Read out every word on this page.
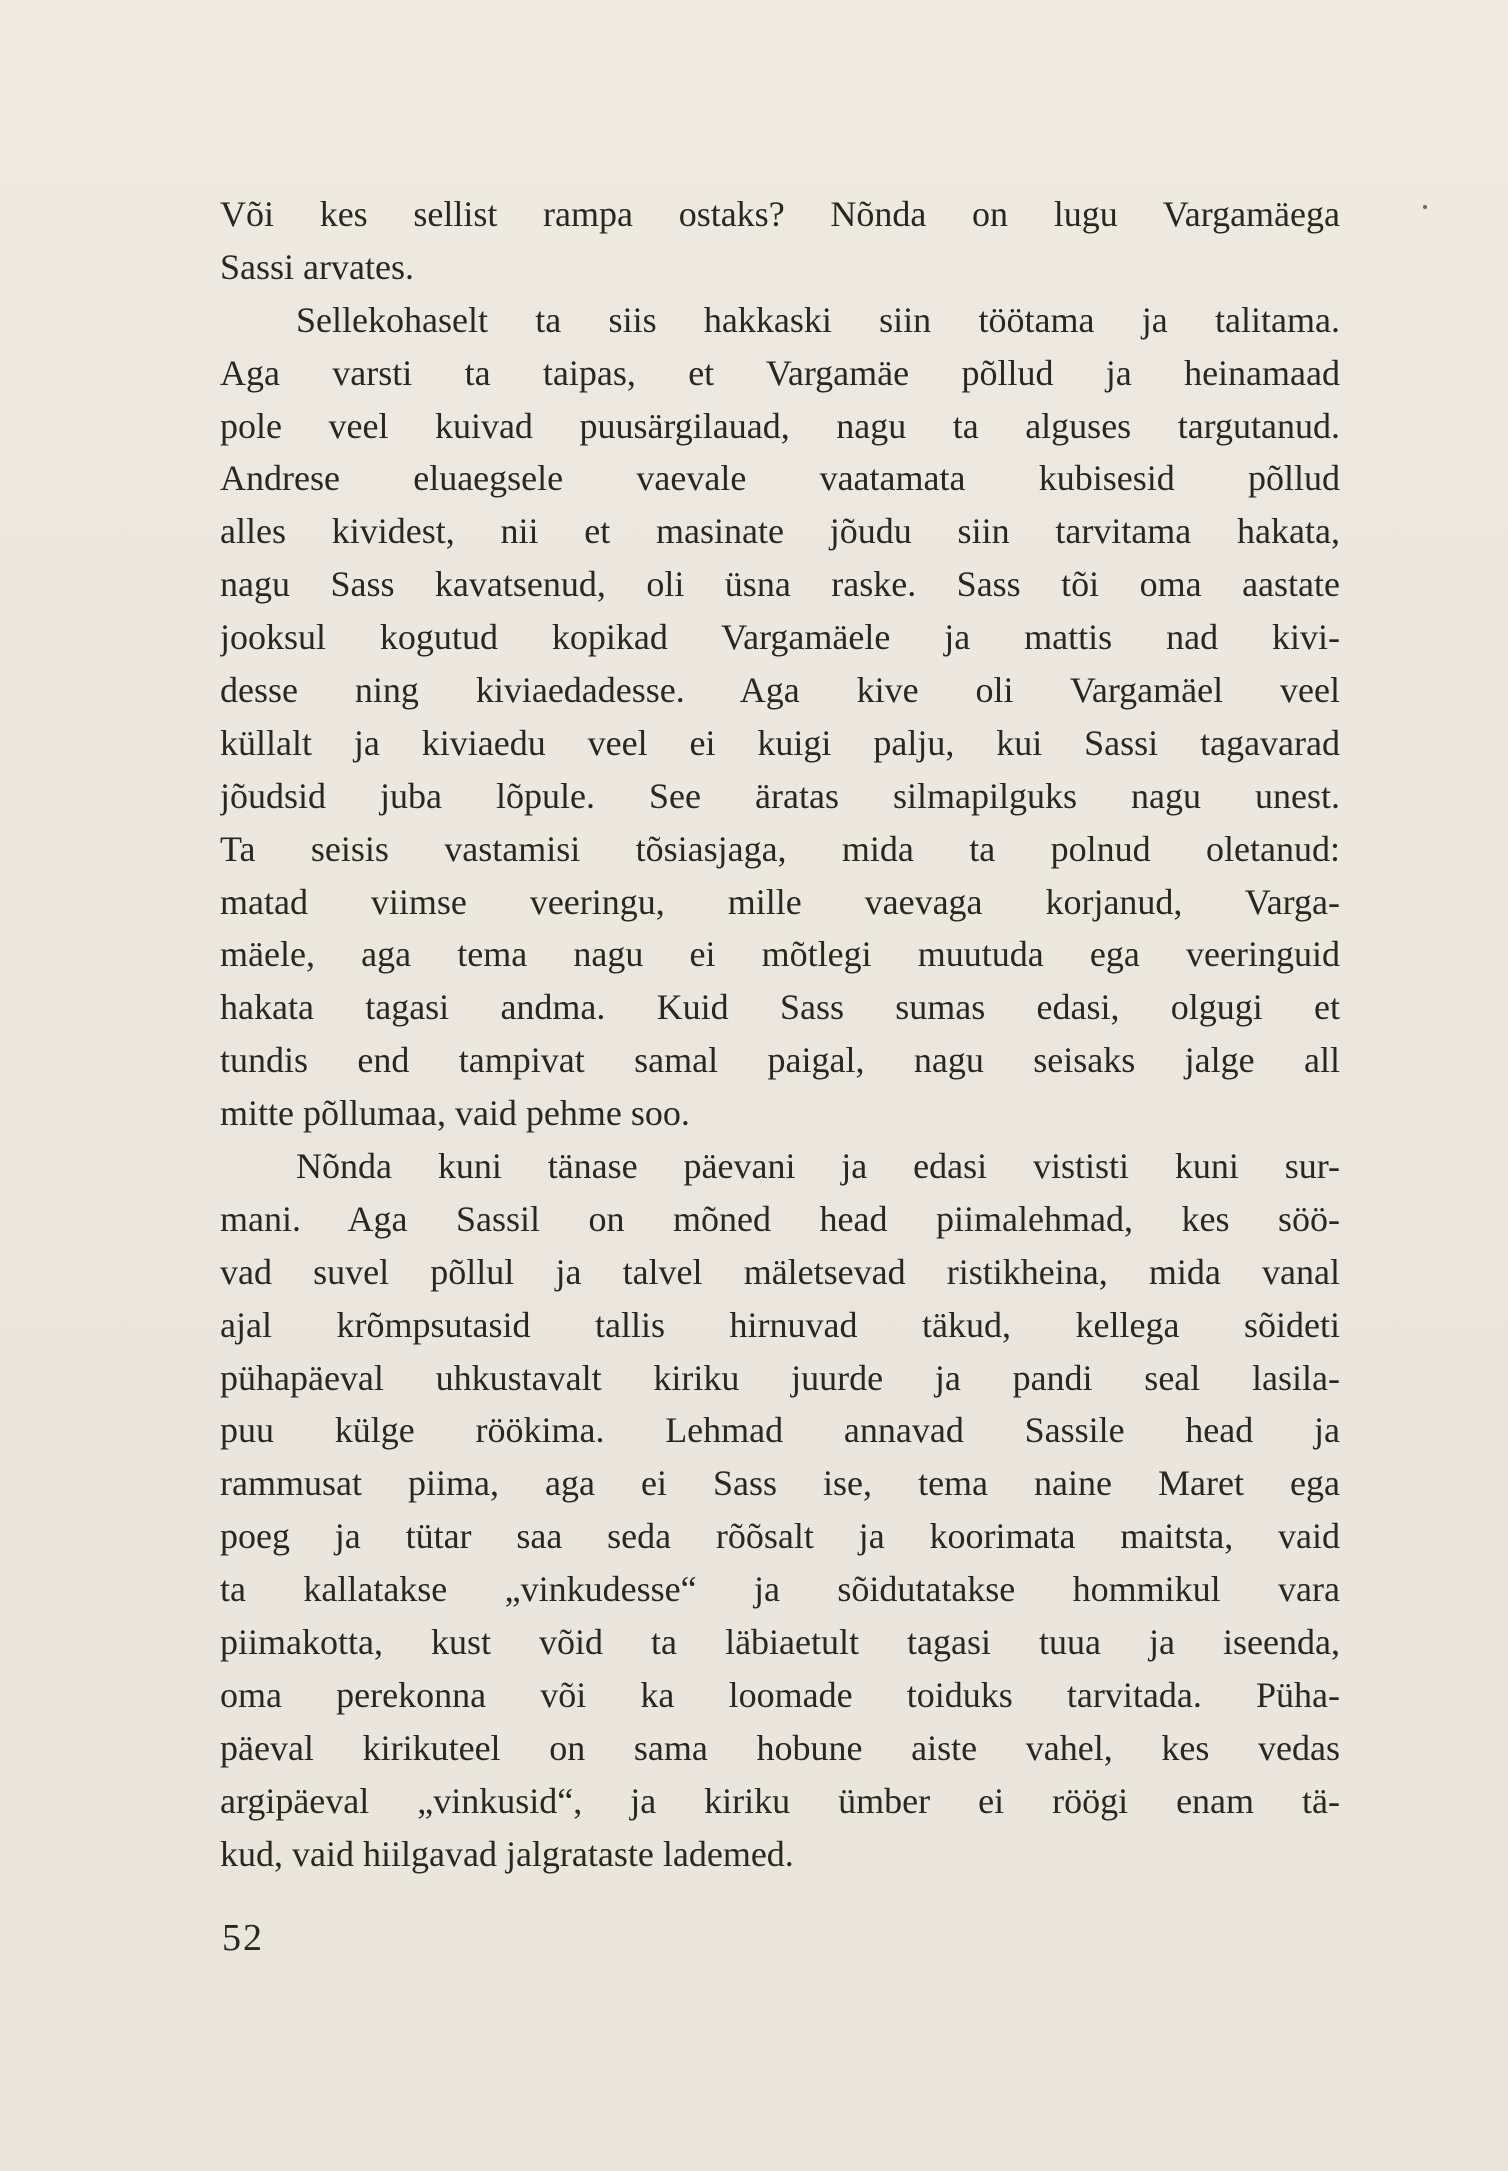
Või kes sellist rampa ostaks? Nõnda on lugu Vargamäega
Sassi arvates.
Sellekohaselt ta siis hakkaski siin töötama ja talitama.
Aga varsti ta taipas, et Vargamäe põllud ja heinamaad
pole veel kuivad puusärgilauad, nagu ta alguses targutanud.
Andrese eluaegsele vaevale vaatamata kubisesid põllud
alles kividest, nii et masinate jõudu siin tarvitama hakata,
nagu Sass kavatsenud, oli üsna raske. Sass tõi oma aastate
jooksul kogutud kopikad Vargamäele ja mattis nad kivi-
desse ning kiviaedadesse. Aga kive oli Vargamäel veel
küllalt ja kiviaedu veel ei kuigi palju, kui Sassi tagavarad
jõudsid juba lõpule. See äratas silmapilguks nagu unest.
Ta seisis vastamisi tõsiasjaga, mida ta polnud oletanud:
matad viimse veeringu, mille vaevaga korjanud, Varga-
mäele, aga tema nagu ei mõtlegi muutuda ega veeringuid
hakata tagasi andma. Kuid Sass sumas edasi, olgugi et
tundis end tampivat samal paigal, nagu seisaks jalge all
mitte põllumaa, vaid pehme soo.
Nõnda kuni tänase päevani ja edasi vististi kuni sur-
mani. Aga Sassil on mõned head piimalehmad, kes söö-
vad suvel põllul ja talvel mäletsevad ristikheina, mida vanal
ajal krõmpsutasid tallis hirnuvad täkud, kellega sõideti
pühapäeval uhkustavalt kiriku juurde ja pandi seal lasila-
puu külge röökima. Lehmad annavad Sassile head ja
rammusat piima, aga ei Sass ise, tema naine Maret ega
poeg ja tütar saa seda rõõsalt ja koorimata maitsta, vaid
ta kallatakse „vinkudesse“ ja sõidutatakse hommikul vara
piimakotta, kust võid ta läbiaetult tagasi tuua ja iseenda,
oma perekonna või ka loomade toiduks tarvitada. Püha-
päeval kirikuteel on sama hobune aiste vahel, kes vedas
argipäeval „vinkusid“, ja kiriku ümber ei röögi enam tä-
kud, vaid hiilgavad jalgrataste lademed.
52
